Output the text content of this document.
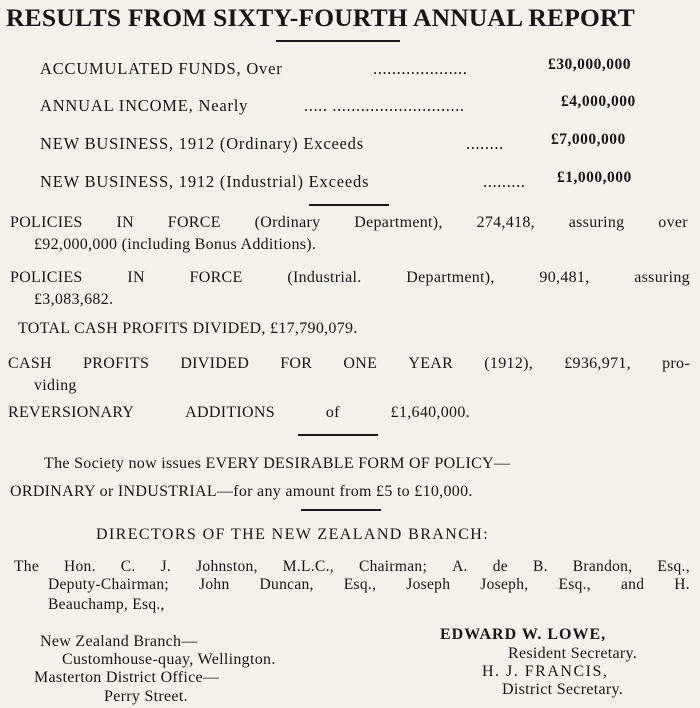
RESULTS FROM SIXTY-FOURTH ANNUAL REPORT
ACCUMULATED FUNDS, Over	....................	£30,000,000
ANNUAL INCOME, Nearly	..... ............................	£4,000,000
NEW BUSINESS, 1912 (Ordinary) Exceeds	........	£7,000,000
NEW BUSINESS, 1912 (Industrial) Exceeds	......... £1,000,000
POLICIES IN FORCE (Ordinary Department), 274,418, assuring over
£92,000,000 (including Bonus Additions).
POLICIES	IN	FORCE	(Industrial.	Department),	90,481,	assuring
£3,083,682.
TOTAL CASH PROFITS DIVIDED, £17,790,079.
CASH PROFITS DIVIDED FOR ONE YEAR (1912), £936,971, pro-
viding
REVERSIONARY	ADDITIONS	of	£1,640,000.
The Society now issues EVERY DESIRABLE FORM OF POLICY—
ORDINARY or INDUSTRIAL—for any amount from £5 to £10,000.
DIRECTORS OF THE NEW ZEALAND BRANCH:
The Hon. C. J. Johnston, M.L.C., Chairman; A. de B. Brandon, Esq.,
Deputy-Chairman; John Duncan, Esq., Joseph Joseph, Esq., and H.
Beauchamp, Esq.,
New Zealand Branch—
Customhouse-quay, Wellington.
Masterton District Office—
Perry Street.
EDWARD W. LOWE,
Resident Secretary.
H. J. FRANCIS,
District Secretary.
